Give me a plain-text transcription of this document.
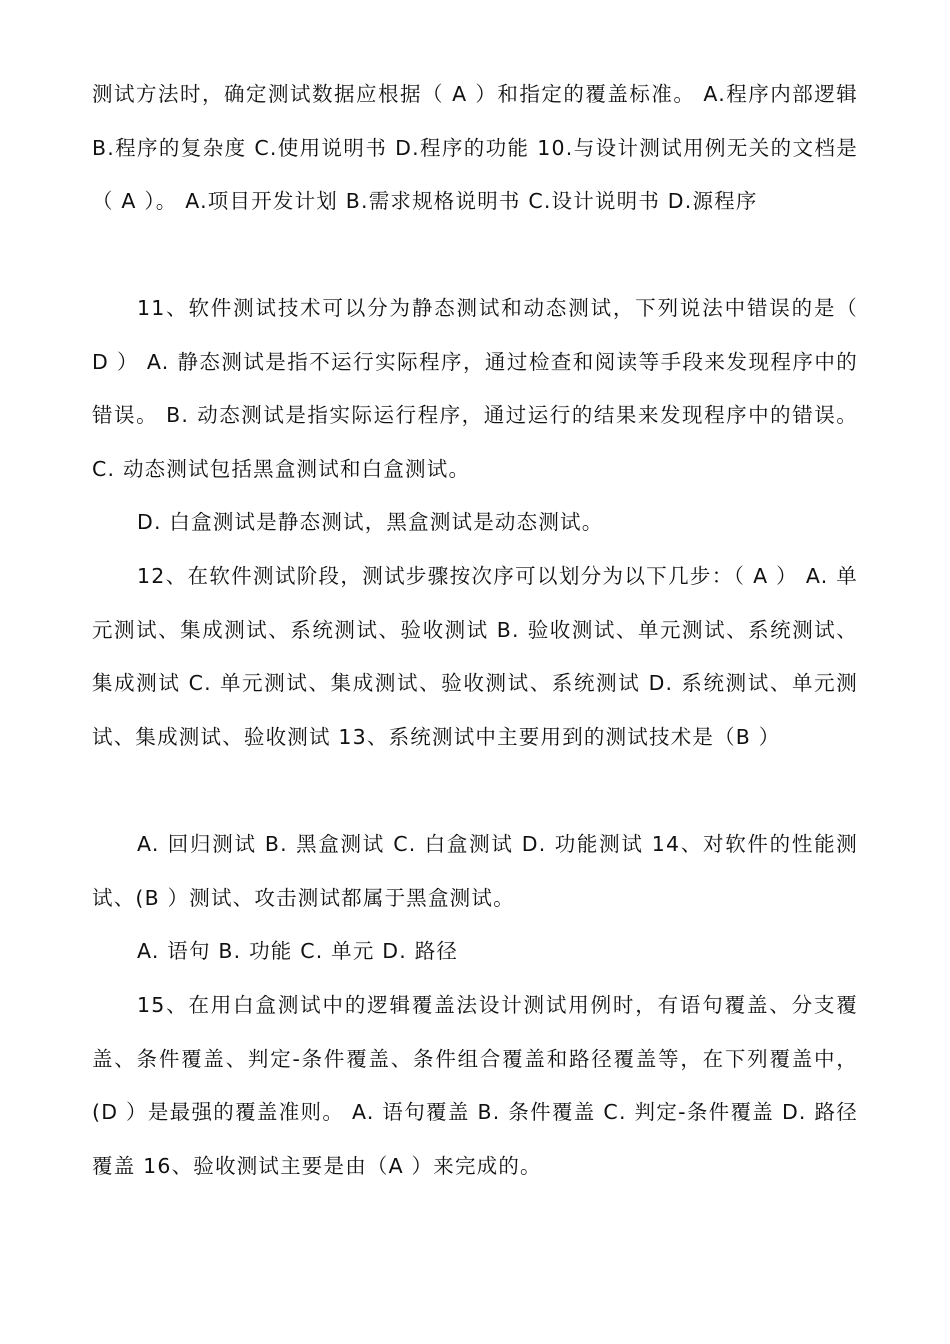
测试方法时，确定测试数据应根据（ A ）和指定的覆盖标准。 A.程序内部逻辑 B.程序的复杂度 C.使用说明书 D.程序的功能 10.与设计测试用例无关的文档是 （ A ）。 A.项目开发计划 B.需求规格说明书 C.设计说明书 D.源程序

11、软件测试技术可以分为静态测试和动态测试，下列说法中错误的是（ D ） A. 静态测试是指不运行实际程序，通过检查和阅读等手段来发现程序中的错误。 B. 动态测试是指实际运行程序，通过运行的结果来发现程序中的错误。 C. 动态测试包括黑盒测试和白盒测试。

D. 白盒测试是静态测试，黑盒测试是动态测试。

12、在软件测试阶段，测试步骤按次序可以划分为以下几步：（ A ） A. 单元测试、集成测试、系统测试、验收测试 B. 验收测试、单元测试、系统测试、集成测试 C. 单元测试、集成测试、验收测试、系统测试 D. 系统测试、单元测试、集成测试、验收测试 13、系统测试中主要用到的测试技术是（B ）

A. 回归测试 B. 黑盒测试 C. 白盒测试 D. 功能测试 14、对软件的性能测试、(B ）测试、攻击测试都属于黑盒测试。

A. 语句 B. 功能 C. 单元 D. 路径

15、在用白盒测试中的逻辑覆盖法设计测试用例时，有语句覆盖、分支覆盖、条件覆盖、判定-条件覆盖、条件组合覆盖和路径覆盖等，在下列覆盖中，(D ）是最强的覆盖准则。 A. 语句覆盖 B. 条件覆盖 C. 判定-条件覆盖 D. 路径覆盖 16、验收测试主要是由（A ）来完成的。
